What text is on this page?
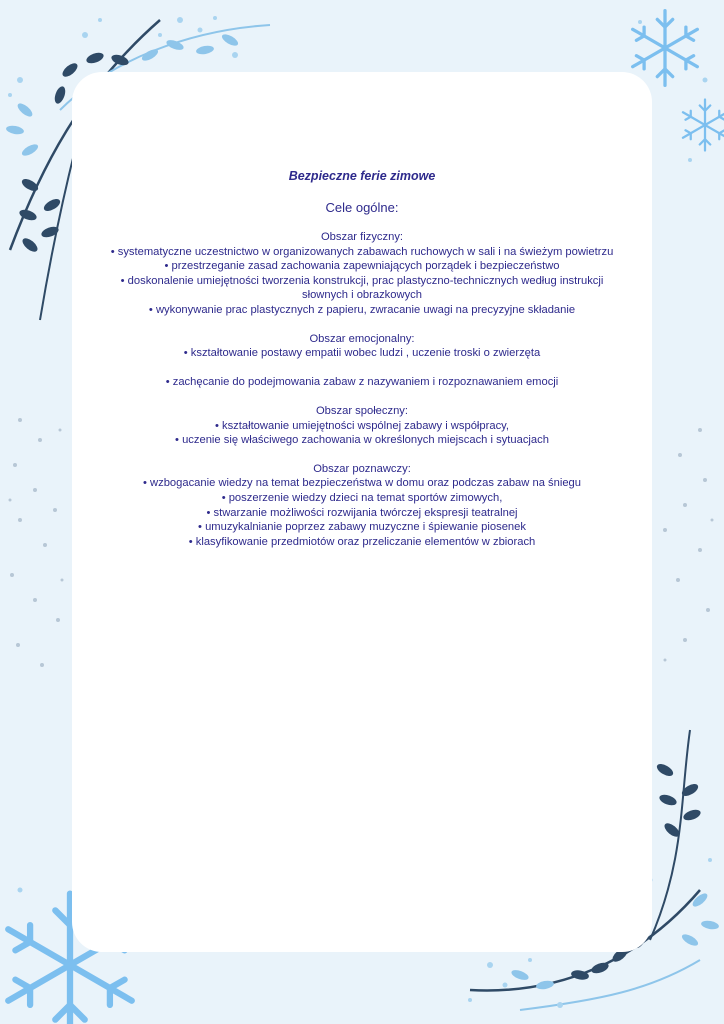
Bezpieczne ferie zimowe

Cele ogólne:

Obszar fizyczny:

• systematyczne uczestnictwo w organizowanych zabawach ruchowych w sali i na świeżym powietrzu
• przestrzeganie zasad zachowania zapewniających porządek i bezpieczeństwo
• doskonalenie umiejętności tworzenia konstrukcji, prac plastyczno-technicznych według instrukcji słownych i obrazkowych
• wykonywanie prac plastycznych z papieru, zwracanie uwagi na precyzyjne składanie

Obszar emocjonalny:

• kształtowanie postawy empatii wobec ludzi , uczenie troski o zwierzęta
• zachęcanie do podejmowania zabaw z nazywaniem i rozpoznawaniem emocji

Obszar społeczny:

• kształtowanie umiejętności wspólnej zabawy i współpracy,
• uczenie się właściwego zachowania w określonych miejscach i sytuacjach

Obszar poznawczy:

• wzbogacanie wiedzy na temat bezpieczeństwa w domu oraz podczas zabaw na śniegu
• poszerzenie wiedzy dzieci na temat sportów zimowych,
• stwarzanie możliwości rozwijania twórczej ekspresji teatralnej
• umuzykalnianie poprzez zabawy muzyczne i śpiewanie piosenek
• klasyfikowanie przedmiotów oraz przeliczanie elementów w zbiorach
